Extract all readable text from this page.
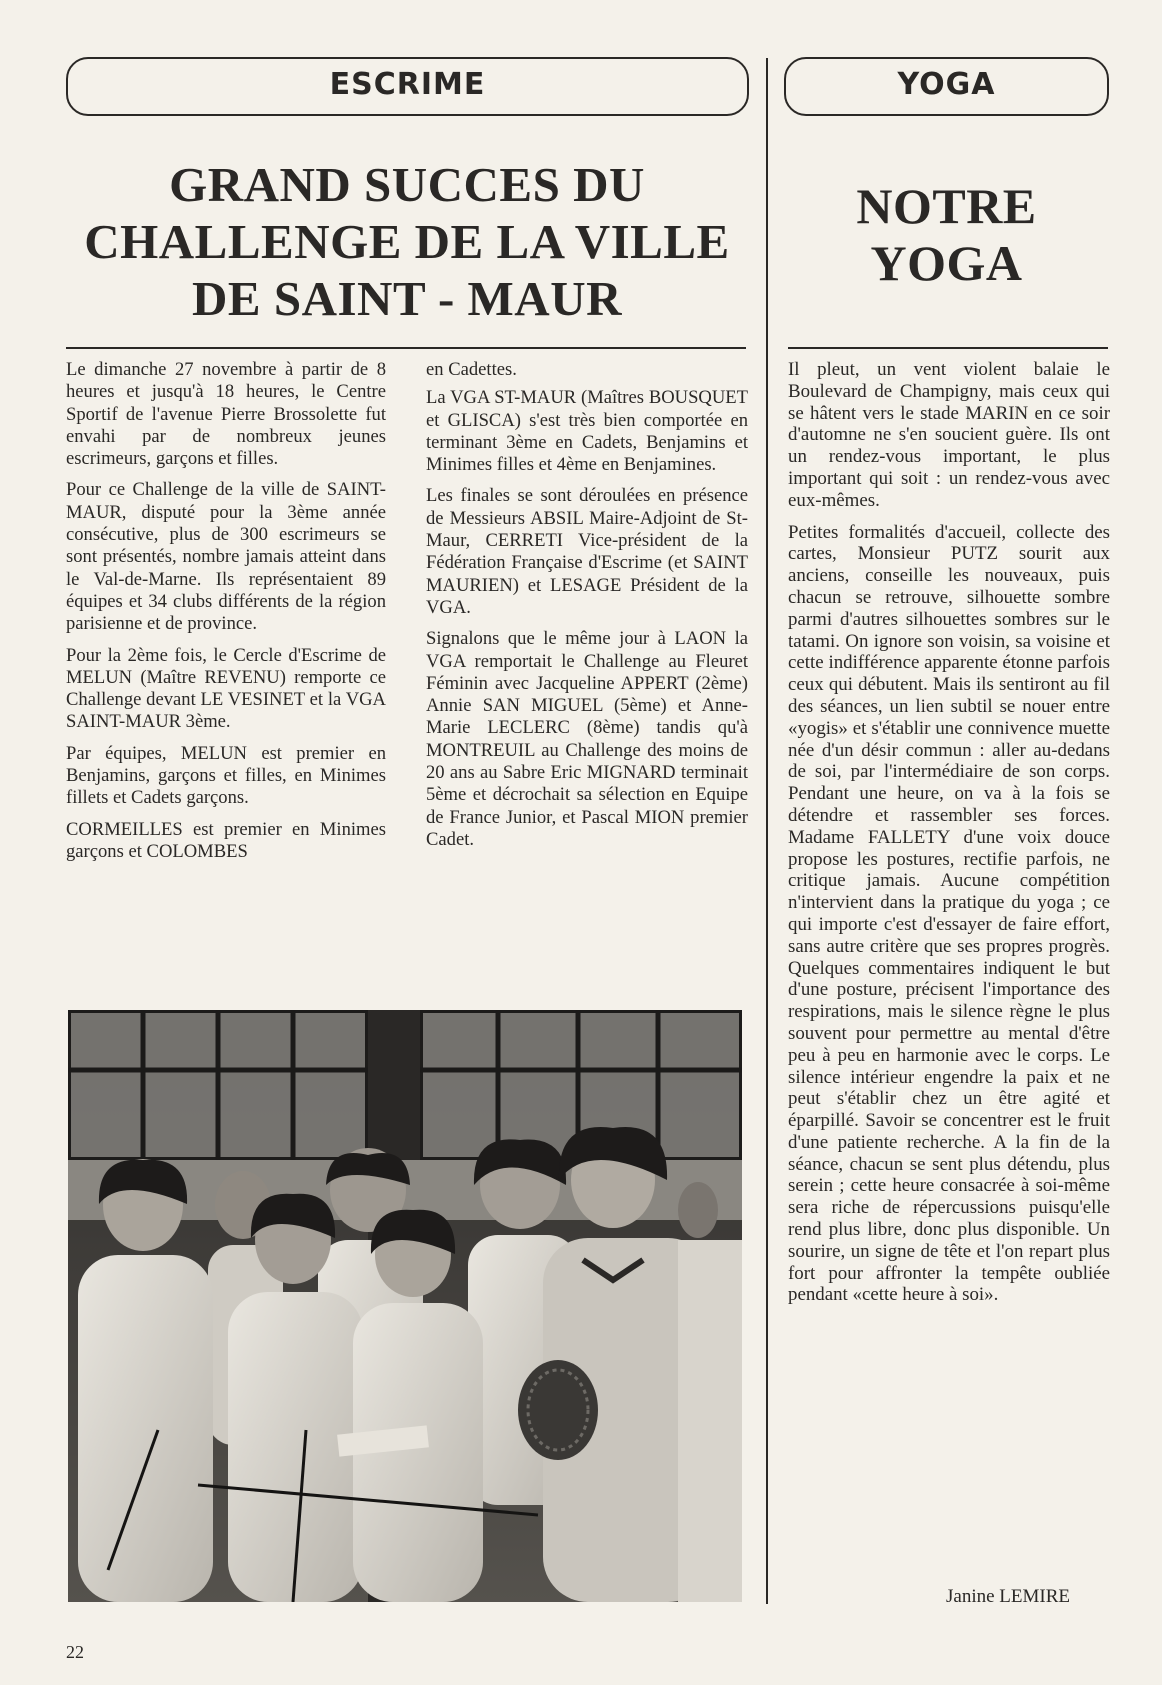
ESCRIME	YOGA
GRAND SUCCES DU
CHALLENGE DE LA VILLE
DE SAINT - MAUR
NOTRE
YOGA

Le dimanche 27 novembre à partir de 8 heures et jusqu'à 18 heures, le Centre Sportif de l'avenue Pierre Brossolette fut envahi par de nombreux jeunes escrimeurs, garçons et filles.

Pour ce Challenge de la ville de SAINT-MAUR, disputé pour la 3ème année consécutive, plus de 300 escrimeurs se sont présentés, nombre jamais atteint dans le Val-de-Marne. Ils représentaient 89 équipes et 34 clubs différents de la région parisienne et de province.

Pour la 2ème fois, le Cercle d'Escrime de MELUN (Maître REVENU) remporte ce Challenge devant LE VESINET et la VGA SAINT-MAUR 3ème.

Par équipes, MELUN est premier en Benjamins, garçons et filles, en Minimes fillets et Cadets garçons.

CORMEILLES est premier en Minimes garçons et COLOMBES

en Cadettes.

La VGA ST-MAUR (Maîtres BOUSQUET et GLISCA) s'est très bien comportée en terminant 3ème en Cadets, Benjamins et Minimes filles et 4ème en Benjamines.

Les finales se sont déroulées en présence de Messieurs ABSIL Maire-Adjoint de St-Maur, CERRETI Vice-président de la Fédération Française d'Escrime (et SAINT MAURIEN) et LESAGE Président de la VGA.

Signalons que le même jour à LAON la VGA remportait le Challenge au Fleuret Féminin avec Jacqueline APPERT (2ème) Annie SAN MIGUEL (5ème) et Anne-Marie LECLERC (8ème) tandis qu'à MONTREUIL au Challenge des moins de 20 ans au Sabre Eric MIGNARD terminait 5ème et décrochait sa sélection en Equipe de France Junior, et Pascal MION premier Cadet.

Il pleut, un vent violent balaie le Boulevard de Champigny, mais ceux qui se hâtent vers le stade MARIN en ce soir d'automne ne s'en soucient guère. Ils ont un rendez-vous important, le plus important qui soit : un rendez-vous avec eux-mêmes.

Petites formalités d'accueil, collecte des cartes, Monsieur PUTZ sourit aux anciens, conseille les nouveaux, puis chacun se retrouve, silhouette sombre parmi d'autres silhouettes sombres sur le tatami. On ignore son voisin, sa voisine et cette indifférence apparente étonne parfois ceux qui débutent. Mais ils sentiront au fil des séances, un lien subtil se nouer entre «yogis» et s'établir une connivence muette née d'un désir commun : aller au-dedans de soi, par l'intermédiaire de son corps. Pendant une heure, on va à la fois se détendre et rassembler ses forces. Madame FALLETY d'une voix douce propose les postures, rectifie parfois, ne critique jamais. Aucune compétition n'intervient dans la pratique du yoga ; ce qui importe c'est d'essayer de faire effort, sans autre critère que ses propres progrès. Quelques commentaires indiquent le but d'une posture, précisent l'importance des respirations, mais le silence règne le plus souvent pour permettre au mental d'être peu à peu en harmonie avec le corps. Le silence intérieur engendre la paix et ne peut s'établir chez un être agité et éparpillé. Savoir se concentrer est le fruit d'une patiente recherche. A la fin de la séance, chacun se sent plus détendu, plus serein ; cette heure consacrée à soi-même sera riche de répercussions puisqu'elle rend plus libre, donc plus disponible. Un sourire, un signe de tête et l'on repart plus fort pour affronter la tempête oubliée pendant «cette heure à soi».

Janine LEMIRE
22
